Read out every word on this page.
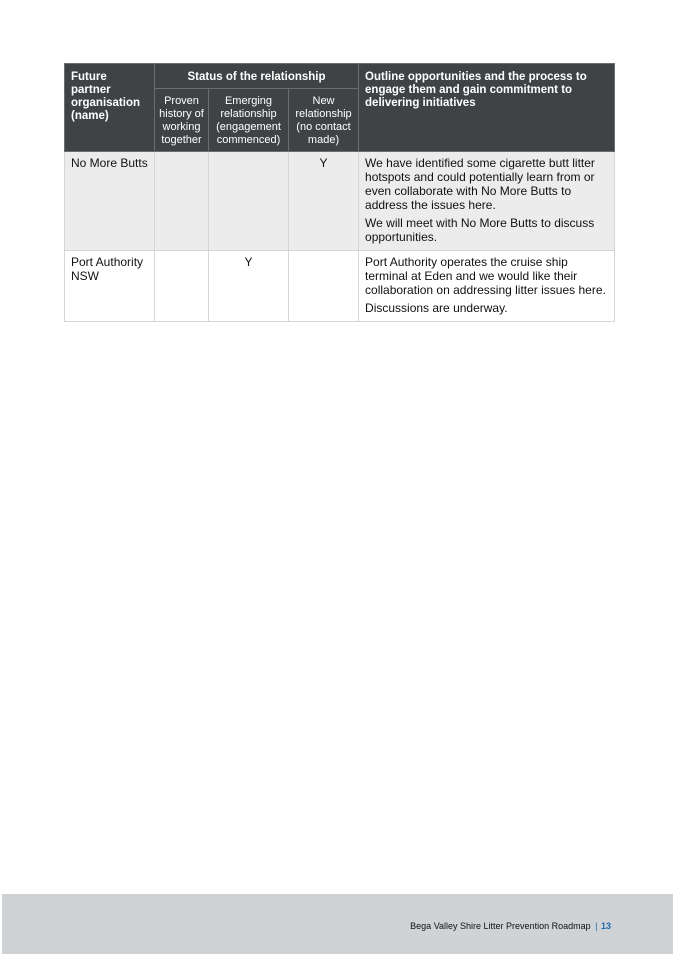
Future partner organisation (name)	Status of the relationship			Outline opportunities and the process to engage them and gain commitment to delivering initiatives
	Proven history of working together	Emerging relationship (engagement commenced)	New relationship (no contact made)	
No More Butts			Y	We have identified some cigarette butt litter hotspots and could potentially learn from or even collaborate with No More Butts to address the issues here.

We will meet with No More Butts to discuss opportunities.

Port Authority NSW		Y		Port Authority operates the cruise ship terminal at Eden and we would like their collaboration on addressing litter issues here.

Discussions are underway.

Bega Valley Shire Litter Prevention Roadmap | 13
